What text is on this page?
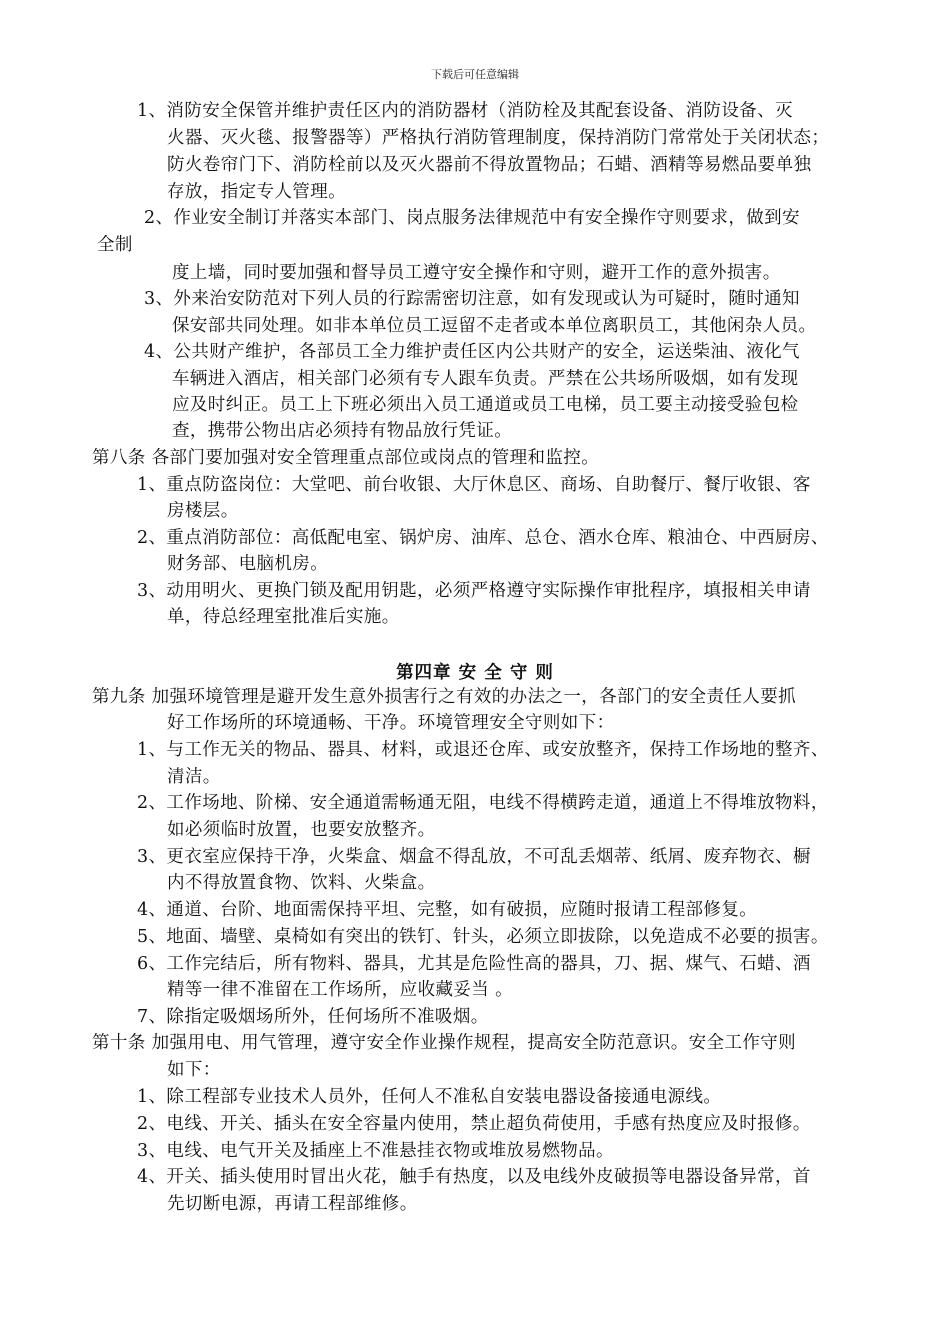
下载后可任意编辑
1、消防安全保管并维护责任区内的消防器材（消防栓及其配套设备、消防设备、灭
火器、灭火毯、报警器等）严格执行消防管理制度，保持消防门常常处于关闭状态；
防火卷帘门下、消防栓前以及灭火器前不得放置物品；石蜡、酒精等易燃品要单独
存放，指定专人管理。
2、作业安全制订并落实本部门、岗点服务法律规范中有安全操作守则要求，做到安
全制
度上墙，同时要加强和督导员工遵守安全操作和守则，避开工作的意外损害。
3、外来治安防范对下列人员的行踪需密切注意，如有发现或认为可疑时，随时通知
保安部共同处理。如非本单位员工逗留不走者或本单位离职员工，其他闲杂人员。
4、公共财产维护，各部员工全力维护责任区内公共财产的安全，运送柴油、液化气
车辆进入酒店，相关部门必须有专人跟车负责。严禁在公共场所吸烟，如有发现
应及时纠正。员工上下班必须出入员工通道或员工电梯，员工要主动接受验包检
查，携带公物出店必须持有物品放行凭证。
第八条 各部门要加强对安全管理重点部位或岗点的管理和监控。
1、重点防盗岗位：大堂吧、前台收银、大厅休息区、商场、自助餐厅、餐厅收银、客
房楼层。
2、重点消防部位：高低配电室、锅炉房、油库、总仓、酒水仓库、粮油仓、中西厨房、
财务部、电脑机房。
3、动用明火、更换门锁及配用钥匙，必须严格遵守实际操作审批程序，填报相关申请
单，待总经理室批准后实施。
第四章 安 全 守 则
第九条 加强环境管理是避开发生意外损害行之有效的办法之一，各部门的安全责任人要抓
好工作场所的环境通畅、干净。环境管理安全守则如下：
1、与工作无关的物品、器具、材料，或退还仓库、或安放整齐，保持工作场地的整齐、
清洁。
2、工作场地、阶梯、安全通道需畅通无阻，电线不得横跨走道，通道上不得堆放物料，
如必须临时放置，也要安放整齐。
3、更衣室应保持干净，火柴盒、烟盒不得乱放，不可乱丢烟蒂、纸屑、废弃物衣、橱
内不得放置食物、饮料、火柴盒。
4、通道、台阶、地面需保持平坦、完整，如有破损，应随时报请工程部修复。
5、地面、墙壁、桌椅如有突出的铁钉、针头，必须立即拔除，以免造成不必要的损害。
6、工作完结后，所有物料、器具，尤其是危险性高的器具，刀、据、煤气、石蜡、酒
精等一律不准留在工作场所，应收藏妥当 。
7、除指定吸烟场所外，任何场所不准吸烟。
第十条 加强用电、用气管理，遵守安全作业操作规程，提高安全防范意识。安全工作守则
如下：
1、除工程部专业技术人员外，任何人不准私自安装电器设备接通电源线。
2、电线、开关、插头在安全容量内使用，禁止超负荷使用，手感有热度应及时报修。
3、电线、电气开关及插座上不准悬挂衣物或堆放易燃物品。
4、开关、插头使用时冒出火花，触手有热度，以及电线外皮破损等电器设备异常，首
先切断电源，再请工程部维修。
